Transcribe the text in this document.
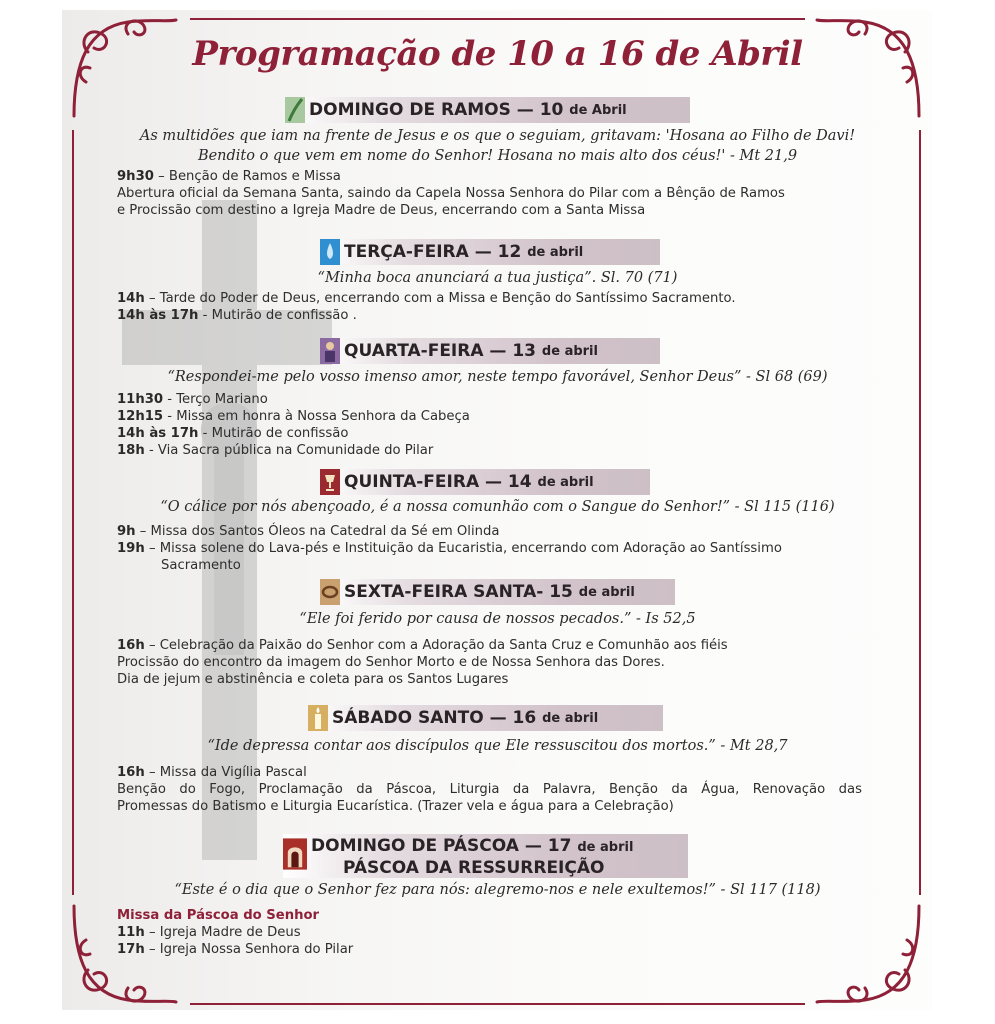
Programação de 10 a 16 de Abril
DOMINGO DE RAMOS — 10
de Abril
As multidões que iam na frente de Jesus e os que o seguiam, gritavam: 'Hosana ao Filho de Davi!
Bendito o que vem em nome do Senhor! Hosana no mais alto dos céus!' - Mt 21,9
9h30 – Benção de Ramos e Missa
Abertura oficial da Semana Santa, saindo da Capela Nossa Senhora do Pilar com a Bênção de Ramos
e Procissão com destino a Igreja Madre de Deus, encerrando com a Santa Missa
TERÇA-FEIRA — 12
de abril
“Minha boca anunciará a tua justiça”. Sl. 70 (71)
14h – Tarde do Poder de Deus, encerrando com a Missa e Benção do Santíssimo Sacramento.
14h às 17h - Mutirão de confissão .
QUARTA-FEIRA — 13
de abril
“Respondei-me pelo vosso imenso amor, neste tempo favorável, Senhor Deus” - Sl 68 (69)
11h30 - Terço Mariano
12h15 - Missa em honra à Nossa Senhora da Cabeça
14h às 17h - Mutirão de confissão
18h - Via Sacra pública na Comunidade do Pilar
QUINTA-FEIRA — 14
de abril
“O cálice por nós abençoado, é a nossa comunhão com o Sangue do Senhor!” - Sl 115 (116)
9h – Missa dos Santos Óleos na Catedral da Sé em Olinda
19h – Missa solene do Lava-pés e Instituição da Eucaristia, encerrando com Adoração ao Santíssimo
Sacramento
SEXTA-FEIRA SANTA- 15
de abril
“Ele foi ferido por causa de nossos pecados.” - Is 52,5
16h – Celebração da Paixão do Senhor com a Adoração da Santa Cruz e Comunhão aos fiéis
Procissão do encontro da imagem do Senhor Morto e de Nossa Senhora das Dores.
Dia de jejum e abstinência e coleta para os Santos Lugares
SÁBADO SANTO — 16
de abril
“Ide depressa contar aos discípulos que Ele ressuscitou dos mortos.” - Mt 28,7
16h – Missa da Vigília Pascal
Benção do Fogo, Proclamação da Páscoa, Liturgia da Palavra, Benção da Água, Renovação das
Promessas do Batismo e Liturgia Eucarística. (Trazer vela e água para a Celebração)
DOMINGO DE PÁSCOA — 17 de abril
PÁSCOA DA RESSURREIÇÃO
“Este é o dia que o Senhor fez para nós: alegremo-nos e nele exultemos!” - Sl 117 (118)
Missa da Páscoa do Senhor
11h – Igreja Madre de Deus
17h – Igreja Nossa Senhora do Pilar
